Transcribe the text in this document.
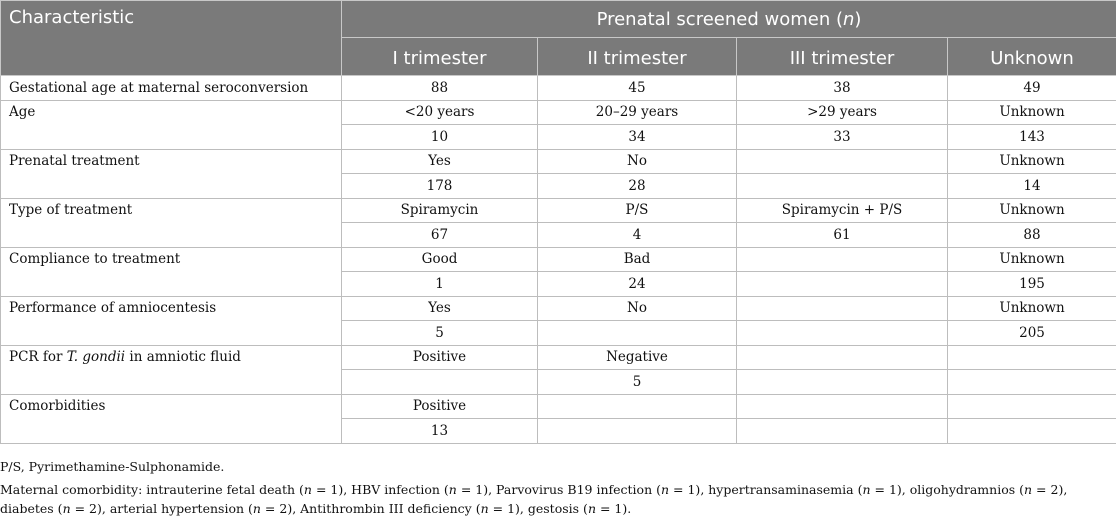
Characteristic	Prenatal screened women (n)			
	I trimester	II trimester	III trimester	Unknown
Gestational age at maternal seroconversion	88	45	38	49
Age	<20 years	20–29 years	>29 years	Unknown
	10	34	33	143
Prenatal treatment	Yes	No		Unknown
	178	28		14
Type of treatment	Spiramycin	P/S	Spiramycin + P/S	Unknown
	67	4	61	88
Compliance to treatment	Good	Bad		Unknown
	1	24		195
Performance of amniocentesis	Yes	No		Unknown
	5			205
PCR for T. gondii in amniotic fluid	Positive	Negative		
		5		
Comorbidities	Positive			
	13			

P/S, Pyrimethamine-Sulphonamide.

Maternal comorbidity: intrauterine fetal death (n = 1), HBV infection (n = 1), Parvovirus B19 infection (n = 1), hypertransaminasemia (n = 1), oligohydramnios (n = 2), diabetes (n = 2), arterial hypertension (n = 2), Antithrombin III deficiency (n = 1), gestosis (n = 1).
